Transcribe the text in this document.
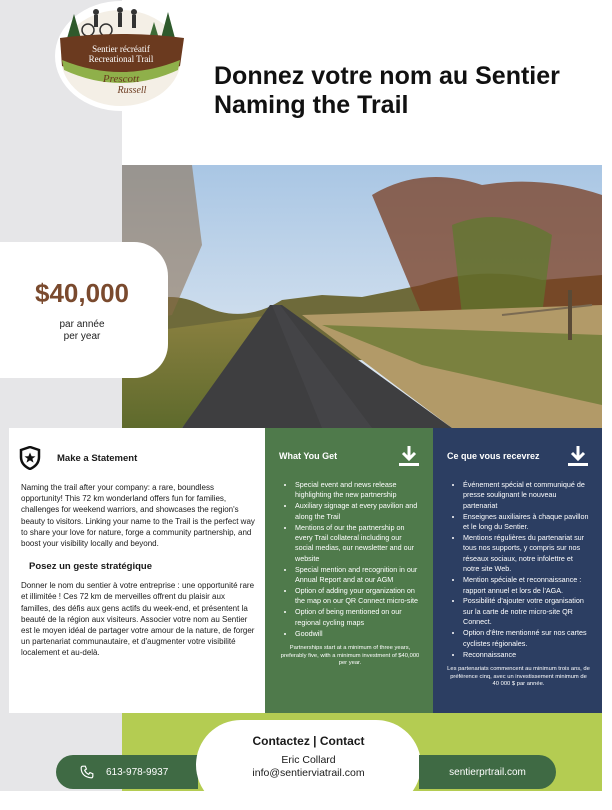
Sentier récréatif
Recreational Trail
Prescott
Russell
Donnez votre nom au Sentier
Naming the Trail
$40,000
par année
per year
Make a Statement

Naming the trail after your company: a rare, boundless opportunity! This 72 km wonderland offers fun for families, challenges for weekend warriors, and showcases the region's beauty to visitors. Linking your name to the Trail is the perfect way to share your love for nature, forge a community partnership, and boost your visibility locally and beyond.

Posez un geste stratégique

Donner le nom du sentier à votre entreprise : une opportunité rare et illimitée ! Ces 72 km de merveilles offrent du plaisir aux familles, des défis aux gens actifs du week-end, et présentent la beauté de la région aux visiteurs. Associer votre nom au Sentier est le moyen idéal de partager votre amour de la nature, de forger un partenariat communautaire, et d'augmenter votre visibilité localement et au-delà.

What You Get
• Special event and news release highlighting the new partnership
• Auxiliary signage at every pavilion and along the Trail
• Mentions of our the partnership on every Trail collateral including our social medias, our newsletter and our website
• Special mention and recognition in our Annual Report and at our AGM
• Option of adding your organization on the map on our QR Connect micro-site
• Option of being mentioned on our regional cycling maps
• Goodwill
Partnerships start at a minimum of three years, preferably five, with a minimum investment of $40,000 per year.
Ce que vous recevrez
• Événement spécial et communiqué de presse soulignant le nouveau partenariat
• Enseignes auxiliaires à chaque pavillon et le long du Sentier.
• Mentions régulières du partenariat sur tous nos supports, y compris sur nos réseaux sociaux, notre infolettre et notre site Web.
• Mention spéciale et reconnaissance : rapport annuel et lors de l'AGA.
• Possibilité d'ajouter votre organisation sur la carte de notre micro-site QR Connect.
• Option d'être mentionné sur nos cartes cyclistes régionales.
• Reconnaissance
Les partenariats commencent au minimum trois ans, de préférence cinq, avec un investissement minimum de 40 000 $ par année.
613-978-9937
Contactez | Contact
Eric Collard
info@sentierviatrail.com	sentierprtrail.com
